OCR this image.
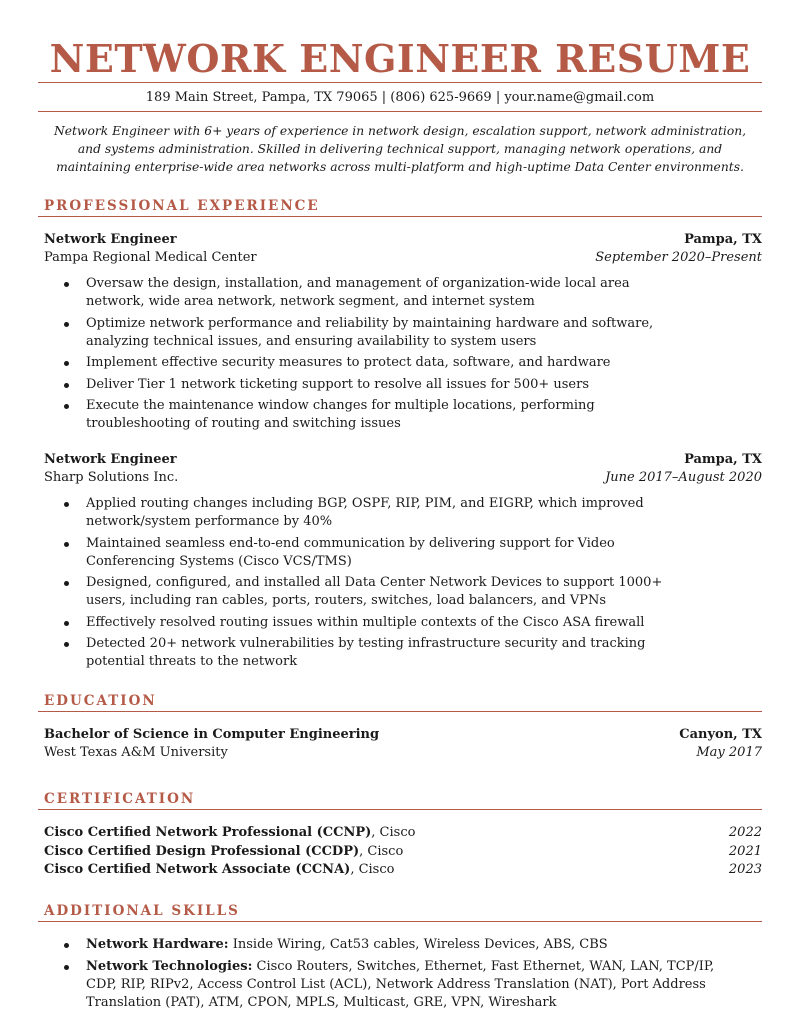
NETWORK ENGINEER RESUME
189 Main Street, Pampa, TX 79065 | (806) 625-9669 | your.name@gmail.com
Network Engineer with 6+ years of experience in network design, escalation support, network administration, and systems administration. Skilled in delivering technical support, managing network operations, and maintaining enterprise-wide area networks across multi-platform and high-uptime Data Center environments.
PROFESSIONAL EXPERIENCE
Network Engineer	Pampa, TX
Pampa Regional Medical Center	September 2020–Present
Oversaw the design, installation, and management of organization-wide local area network, wide area network, network segment, and internet system
Optimize network performance and reliability by maintaining hardware and software, analyzing technical issues, and ensuring availability to system users
Implement effective security measures to protect data, software, and hardware
Deliver Tier 1 network ticketing support to resolve all issues for 500+ users
Execute the maintenance window changes for multiple locations, performing troubleshooting of routing and switching issues
Network Engineer	Pampa, TX
Sharp Solutions Inc.	June 2017–August 2020
Applied routing changes including BGP, OSPF, RIP, PIM, and EIGRP, which improved network/system performance by 40%
Maintained seamless end-to-end communication by delivering support for Video Conferencing Systems (Cisco VCS/TMS)
Designed, configured, and installed all Data Center Network Devices to support 1000+ users, including ran cables, ports, routers, switches, load balancers, and VPNs
Effectively resolved routing issues within multiple contexts of the Cisco ASA firewall
Detected 20+ network vulnerabilities by testing infrastructure security and tracking potential threats to the network
EDUCATION
Bachelor of Science in Computer Engineering	Canyon, TX
West Texas A&M University	May 2017
CERTIFICATION
Cisco Certified Network Professional (CCNP), Cisco	2022
Cisco Certified Design Professional (CCDP), Cisco	2021
Cisco Certified Network Associate (CCNA), Cisco	2023
ADDITIONAL SKILLS
Network Hardware: Inside Wiring, Cat53 cables, Wireless Devices, ABS, CBS
Network Technologies: Cisco Routers, Switches, Ethernet, Fast Ethernet, WAN, LAN, TCP/IP, CDP, RIP, RIPv2, Access Control List (ACL), Network Address Translation (NAT), Port Address Translation (PAT), ATM, CPON, MPLS, Multicast, GRE, VPN, Wireshark
